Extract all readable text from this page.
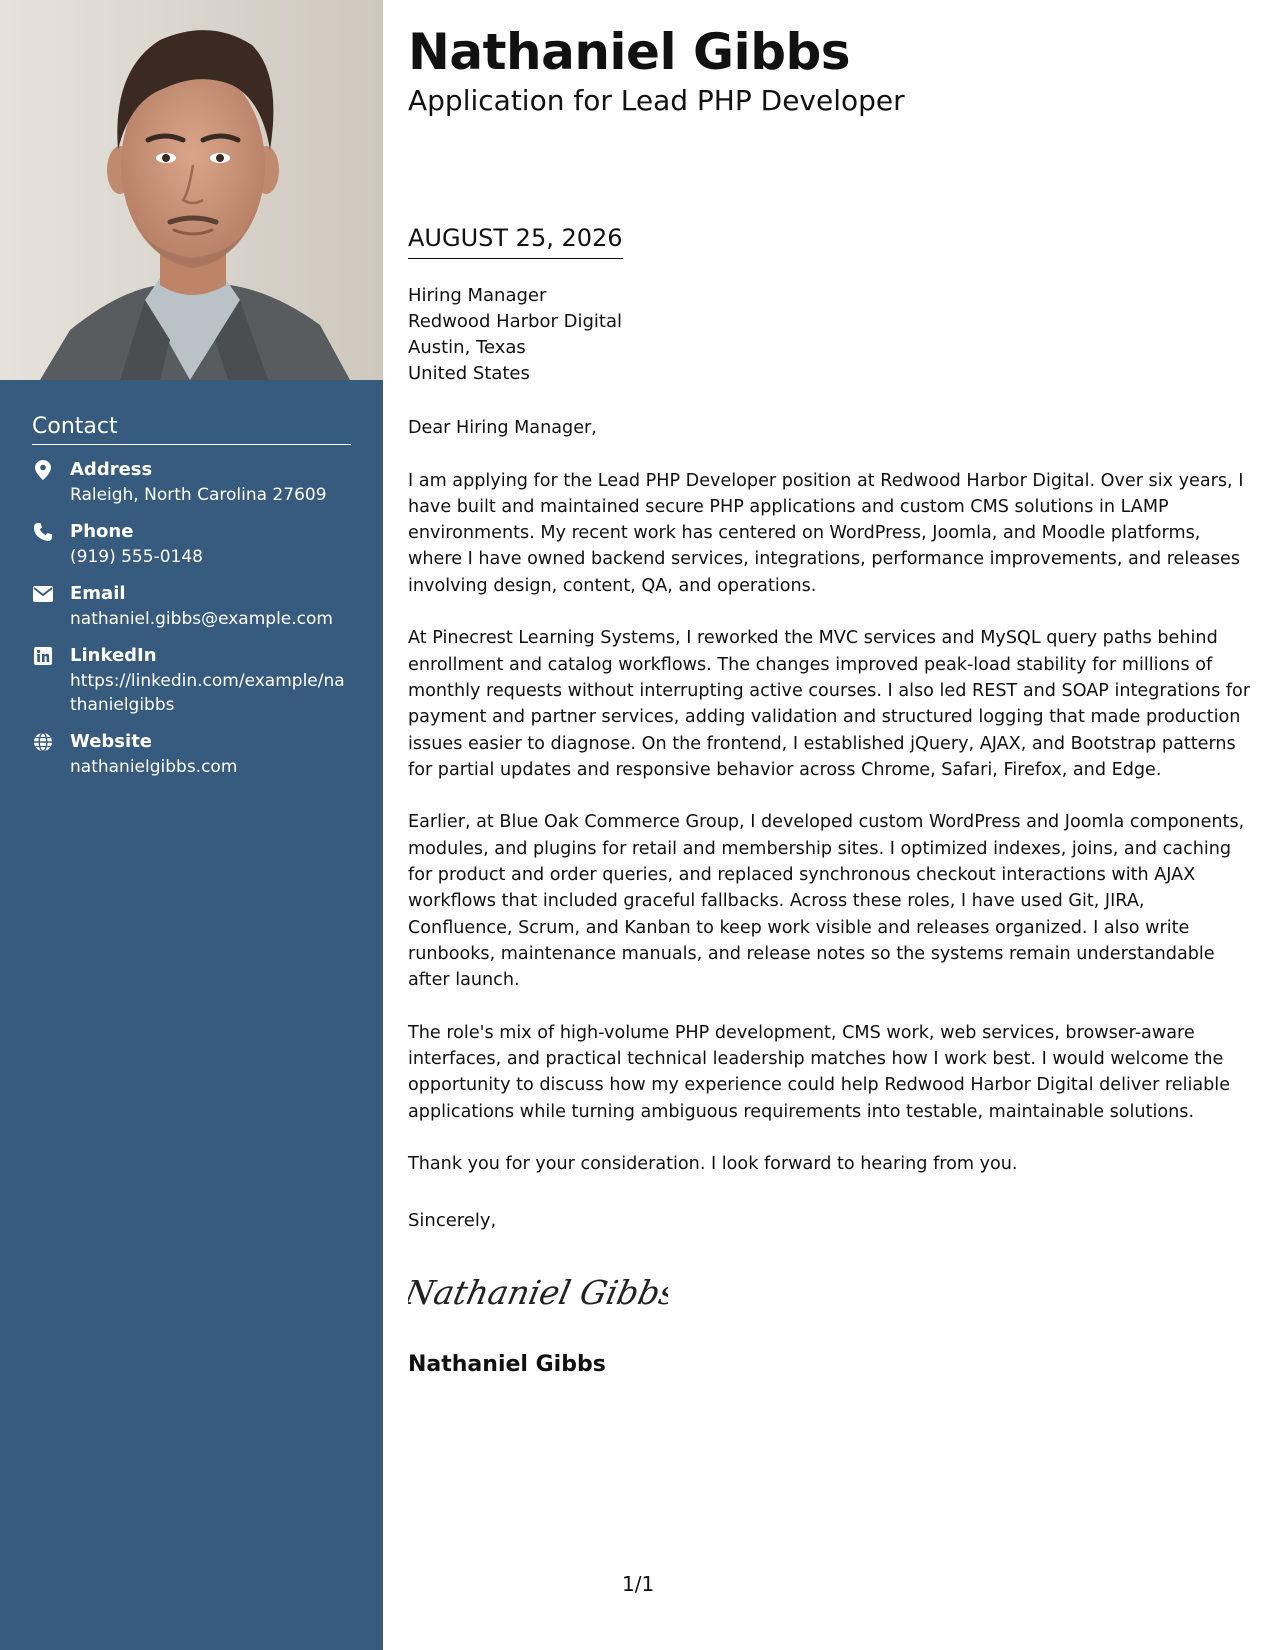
Contact
Address
Raleigh, North Carolina 27609
Phone
(919) 555-0148
Email
nathaniel.gibbs@example.com
LinkedIn
https://linkedin.com/example/nathanielgibbs
Website
nathanielgibbs.com
Nathaniel Gibbs
Application for Lead PHP Developer
AUGUST 25, 2026
Hiring Manager
Redwood Harbor Digital
Austin, Texas
United States

Dear Hiring Manager,

I am applying for the Lead PHP Developer position at Redwood Harbor Digital. Over six years, I have built and maintained secure PHP applications and custom CMS solutions in LAMP environments. My recent work has centered on WordPress, Joomla, and Moodle platforms, where I have owned backend services, integrations, performance improvements, and releases involving design, content, QA, and operations.

At Pinecrest Learning Systems, I reworked the MVC services and MySQL query paths behind enrollment and catalog workflows. The changes improved peak-load stability for millions of monthly requests without interrupting active courses. I also led REST and SOAP integrations for payment and partner services, adding validation and structured logging that made production issues easier to diagnose. On the frontend, I established jQuery, AJAX, and Bootstrap patterns for partial updates and responsive behavior across Chrome, Safari, Firefox, and Edge.

Earlier, at Blue Oak Commerce Group, I developed custom WordPress and Joomla components, modules, and plugins for retail and membership sites. I optimized indexes, joins, and caching for product and order queries, and replaced synchronous checkout interactions with AJAX workflows that included graceful fallbacks. Across these roles, I have used Git, JIRA, Confluence, Scrum, and Kanban to keep work visible and releases organized. I also write runbooks, maintenance manuals, and release notes so the systems remain understandable after launch.

The role's mix of high-volume PHP development, CMS work, web services, browser-aware interfaces, and practical technical leadership matches how I work best. I would welcome the opportunity to discuss how my experience could help Redwood Harbor Digital deliver reliable applications while turning ambiguous requirements into testable, maintainable solutions.

Thank you for your consideration. I look forward to hearing from you.

Sincerely,
Nathaniel Gibbs
Nathaniel Gibbs
1/1
